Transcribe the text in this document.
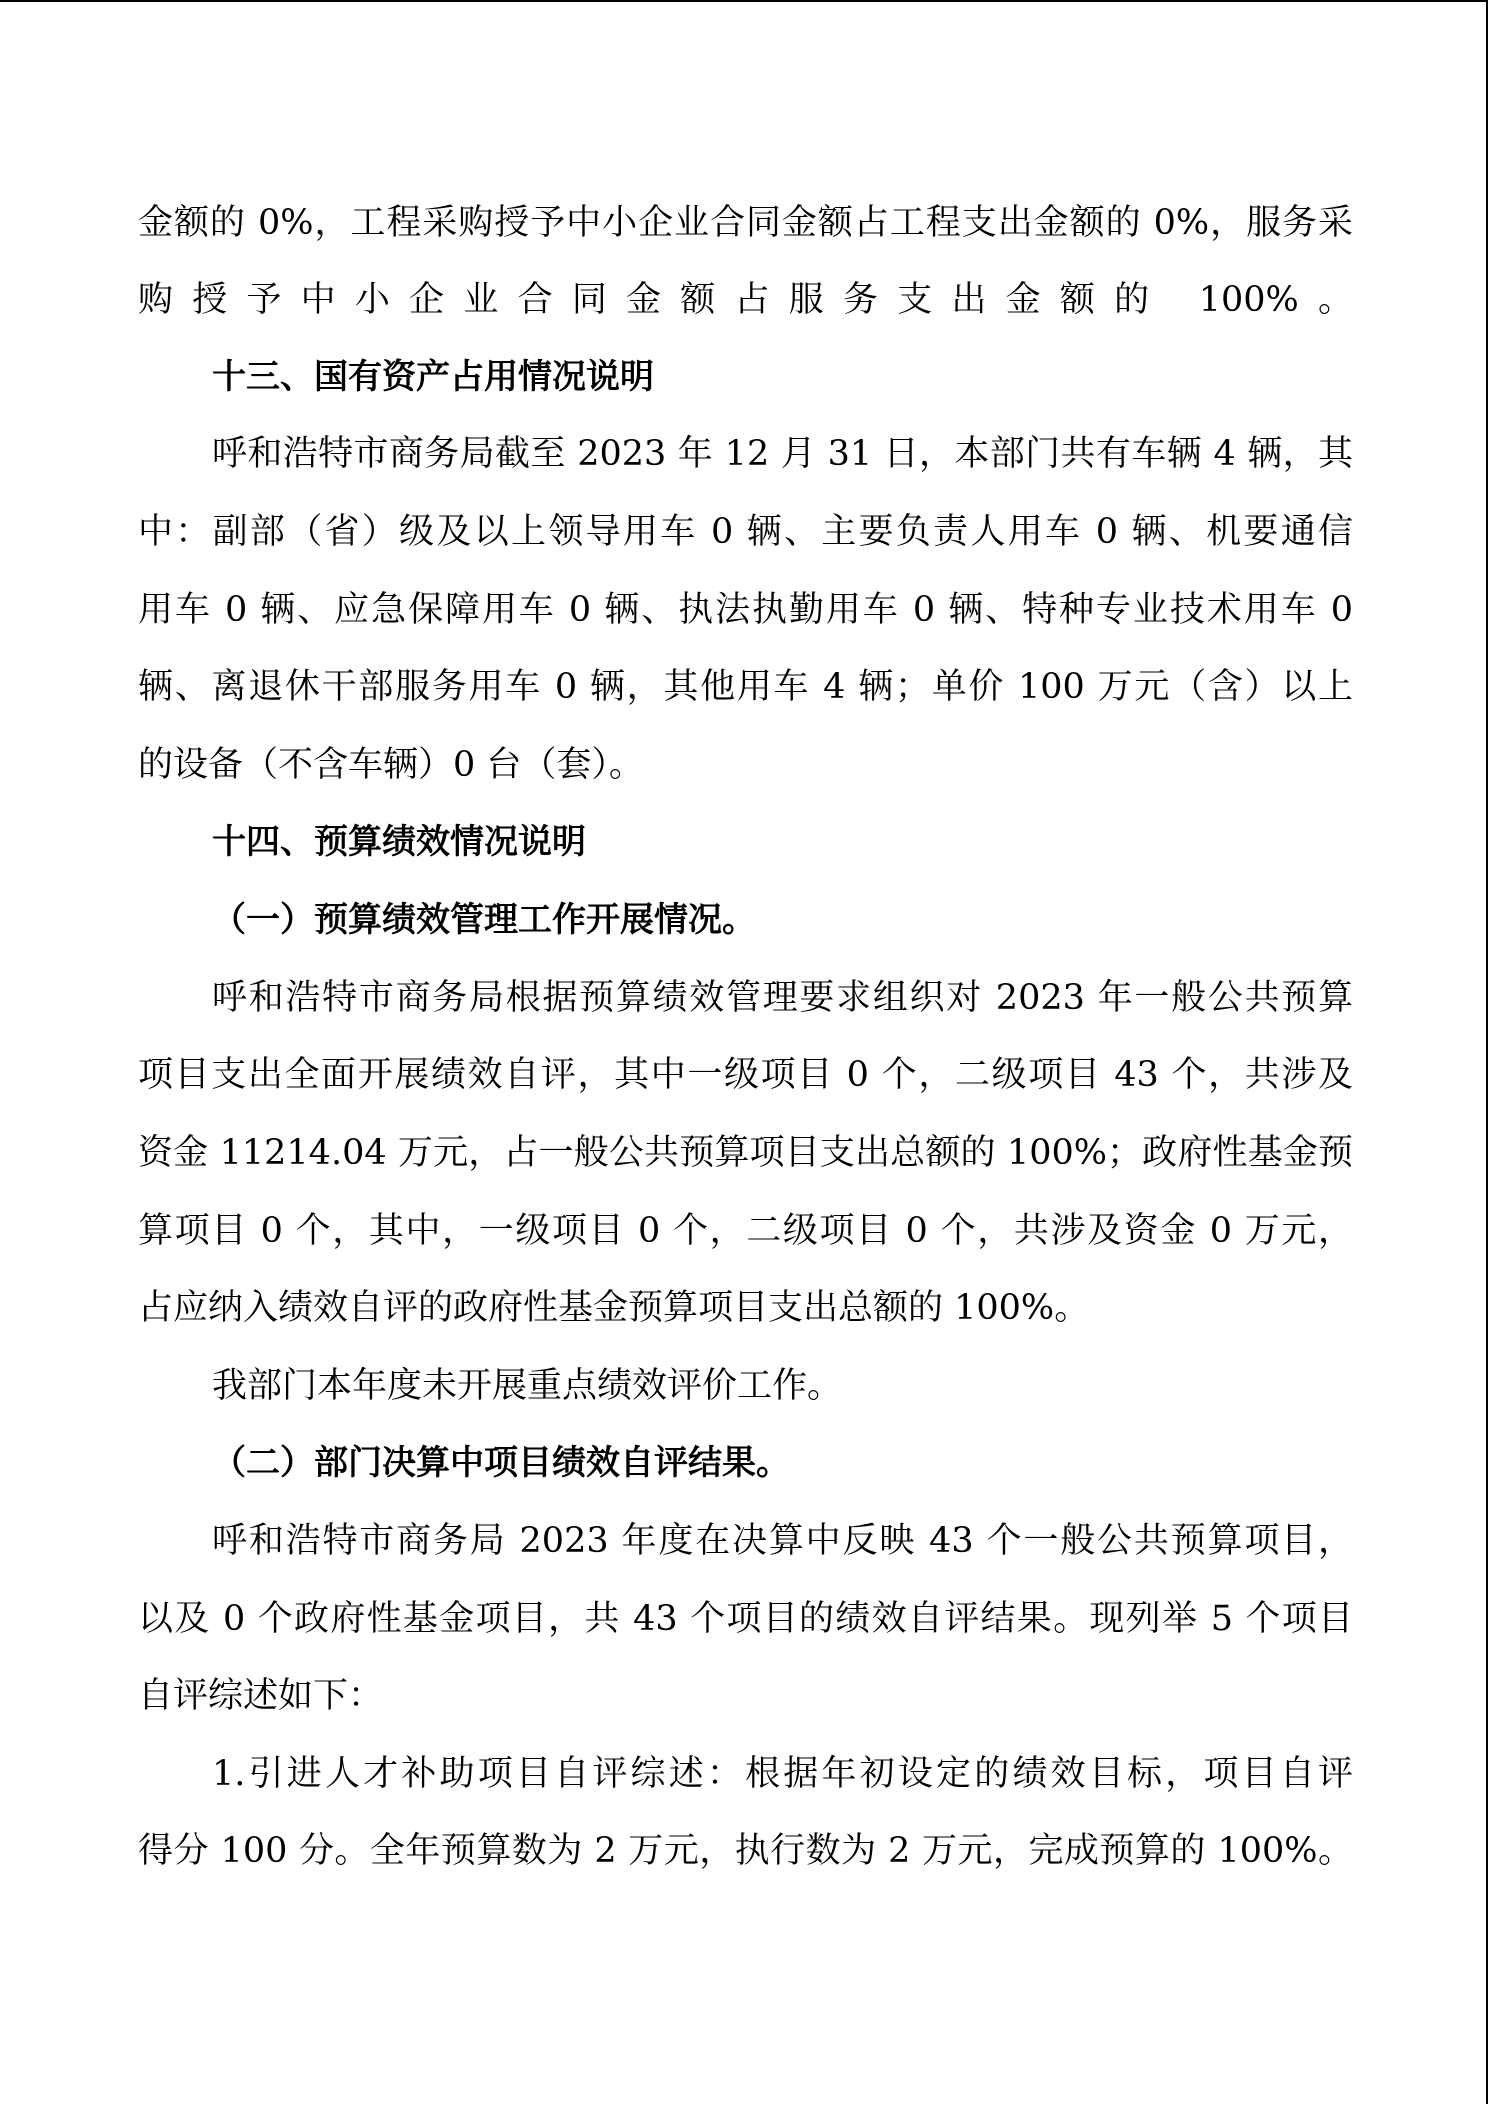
金额的 0%，工程采购授予中小企业合同金额占工程支出金额的 0%，服务采
购授予中小企业合同金额占服务支出金额的 100%。
十三、国有资产占用情况说明
呼和浩特市商务局截至 2023 年 12 月 31 日，本部门共有车辆 4 辆，其
中：副部（省）级及以上领导用车 0 辆、主要负责人用车 0 辆、机要通信
用车 0 辆、应急保障用车 0 辆、执法执勤用车 0 辆、特种专业技术用车 0
辆、离退休干部服务用车 0 辆，其他用车 4 辆；单价 100 万元（含）以上
的设备（不含车辆）0 台（套）。
十四、预算绩效情况说明
（一）预算绩效管理工作开展情况。
呼和浩特市商务局根据预算绩效管理要求组织对 2023 年一般公共预算
项目支出全面开展绩效自评，其中一级项目 0 个，二级项目 43 个，共涉及
资金 11214.04 万元，占一般公共预算项目支出总额的 100%；政府性基金预
算项目 0 个，其中，一级项目 0 个，二级项目 0 个，共涉及资金 0 万元，
占应纳入绩效自评的政府性基金预算项目支出总额的 100%。
我部门本年度未开展重点绩效评价工作。
（二）部门决算中项目绩效自评结果。
呼和浩特市商务局 2023 年度在决算中反映 43 个一般公共预算项目，
以及 0 个政府性基金项目，共 43 个项目的绩效自评结果。现列举 5 个项目
自评综述如下：
1.引进人才补助项目自评综述：根据年初设定的绩效目标，项目自评
得分 100 分。全年预算数为 2 万元，执行数为 2 万元，完成预算的 100%。
